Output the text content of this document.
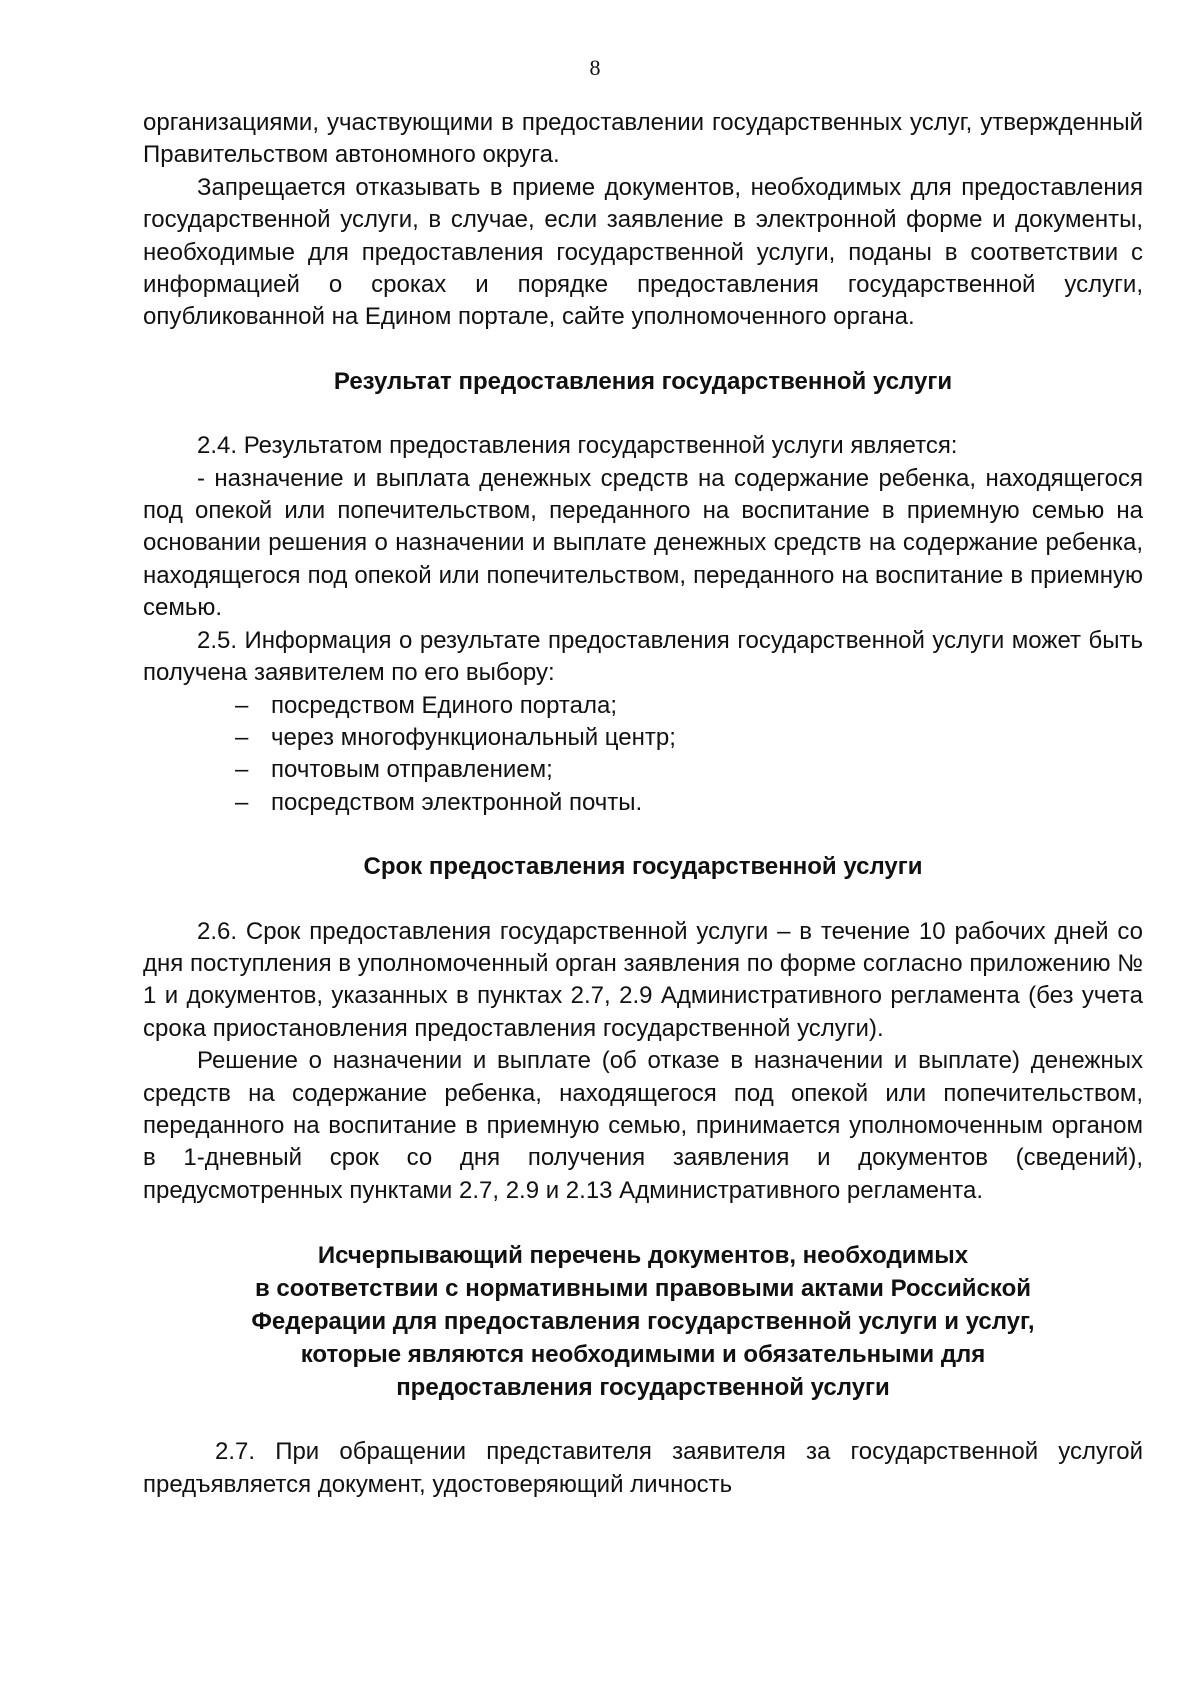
8

организациями, участвующими в предоставлении государственных услуг, утвержденный Правительством автономного округа.

Запрещается отказывать в приеме документов, необходимых для предоставления государственной услуги, в случае, если заявление в электронной форме и документы, необходимые для предоставления государственной услуги, поданы в соответствии с информацией о сроках и порядке предоставления государственной услуги, опубликованной на Едином портале, сайте уполномоченного органа.

Результат предоставления государственной услуги

2.4. Результатом предоставления государственной услуги является:

- назначение и выплата денежных средств на содержание ребенка, находящегося под опекой или попечительством, переданного на воспитание в приемную семью на основании решения о назначении и выплате денежных средств на содержание ребенка, находящегося под опекой или попечительством, переданного на воспитание в приемную семью.

2.5. Информация о результате предоставления государственной услуги может быть получена заявителем по его выбору:

– посредством Единого портала;
– через многофункциональный центр;
– почтовым отправлением;
– посредством электронной почты.
Срок предоставления государственной услуги

2.6. Срок предоставления государственной услуги – в течение 10 рабочих дней со дня поступления в уполномоченный орган заявления по форме согласно приложению № 1 и документов, указанных в пунктах 2.7, 2.9 Административного регламента (без учета срока приостановления предоставления государственной услуги).

Решение о назначении и выплате (об отказе в назначении и выплате) денежных средств на содержание ребенка, находящегося под опекой или попечительством, переданного на воспитание в приемную семью, принимается уполномоченным органом в 1-дневный срок со дня получения заявления и документов (сведений), предусмотренных пунктами 2.7, 2.9 и 2.13 Административного регламента.

Исчерпывающий перечень документов, необходимых
в соответствии с нормативными правовыми актами Российской
Федерации для предоставления государственной услуги и услуг,
которые являются необходимыми и обязательными для
предоставления государственной услуги

2.7. При обращении представителя заявителя за государственной услугой предъявляется документ, удостоверяющий личность
